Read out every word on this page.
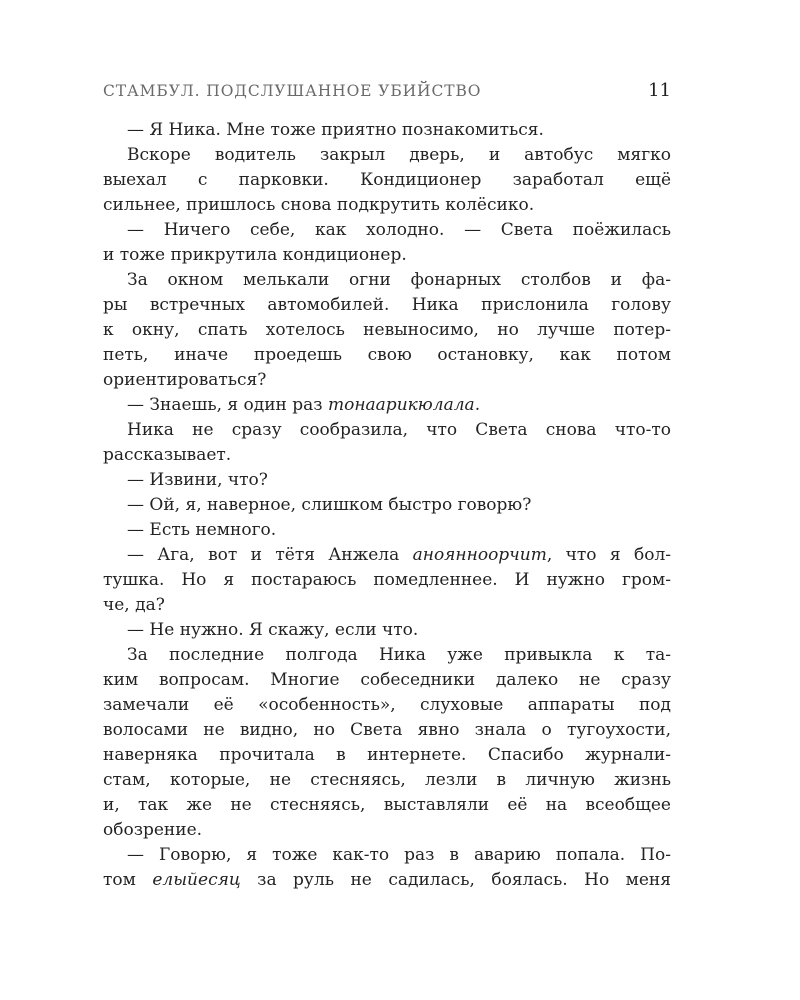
СТАМБУЛ. ПОДСЛУШАННОЕ УБИЙСТВО	11
— Я Ника. Мне тоже приятно познакомиться.
Вскоре водитель закрыл дверь, и автобус мягко
выехал с парковки. Кондиционер заработал ещё
сильнее, пришлось снова подкрутить колёсико.
— Ничего себе, как холодно. — Света поёжилась
и тоже прикрутила кондиционер.
За окном мелькали огни фонарных столбов и фа-
ры встречных автомобилей. Ника прислонила голову
к окну, спать хотелось невыносимо, но лучше потер-
петь, иначе проедешь свою остановку, как потом
ориентироваться?
— Знаешь, я один раз тонаарикюлала.
Ника не сразу сообразила, что Света снова что-то
рассказывает.
— Извини, что?
— Ой, я, наверное, слишком быстро говорю?
— Есть немного.
— Ага, вот и тётя Анжела аноянноорчит, что я бол-
тушка. Но я постараюсь помедленнее. И нужно гром-
че, да?
— Не нужно. Я скажу, если что.
За последние полгода Ника уже привыкла к та-
ким вопросам. Многие собеседники далеко не сразу
замечали её «особенность», слуховые аппараты под
волосами не видно, но Света явно знала о тугоухости,
наверняка прочитала в интернете. Спасибо журнали-
стам, которые, не стесняясь, лезли в личную жизнь
и, так же не стесняясь, выставляли её на всеобщее
обозрение.
— Говорю, я тоже как-то раз в аварию попала. По-
том елыйесяц за руль не садилась, боялась. Но меня
